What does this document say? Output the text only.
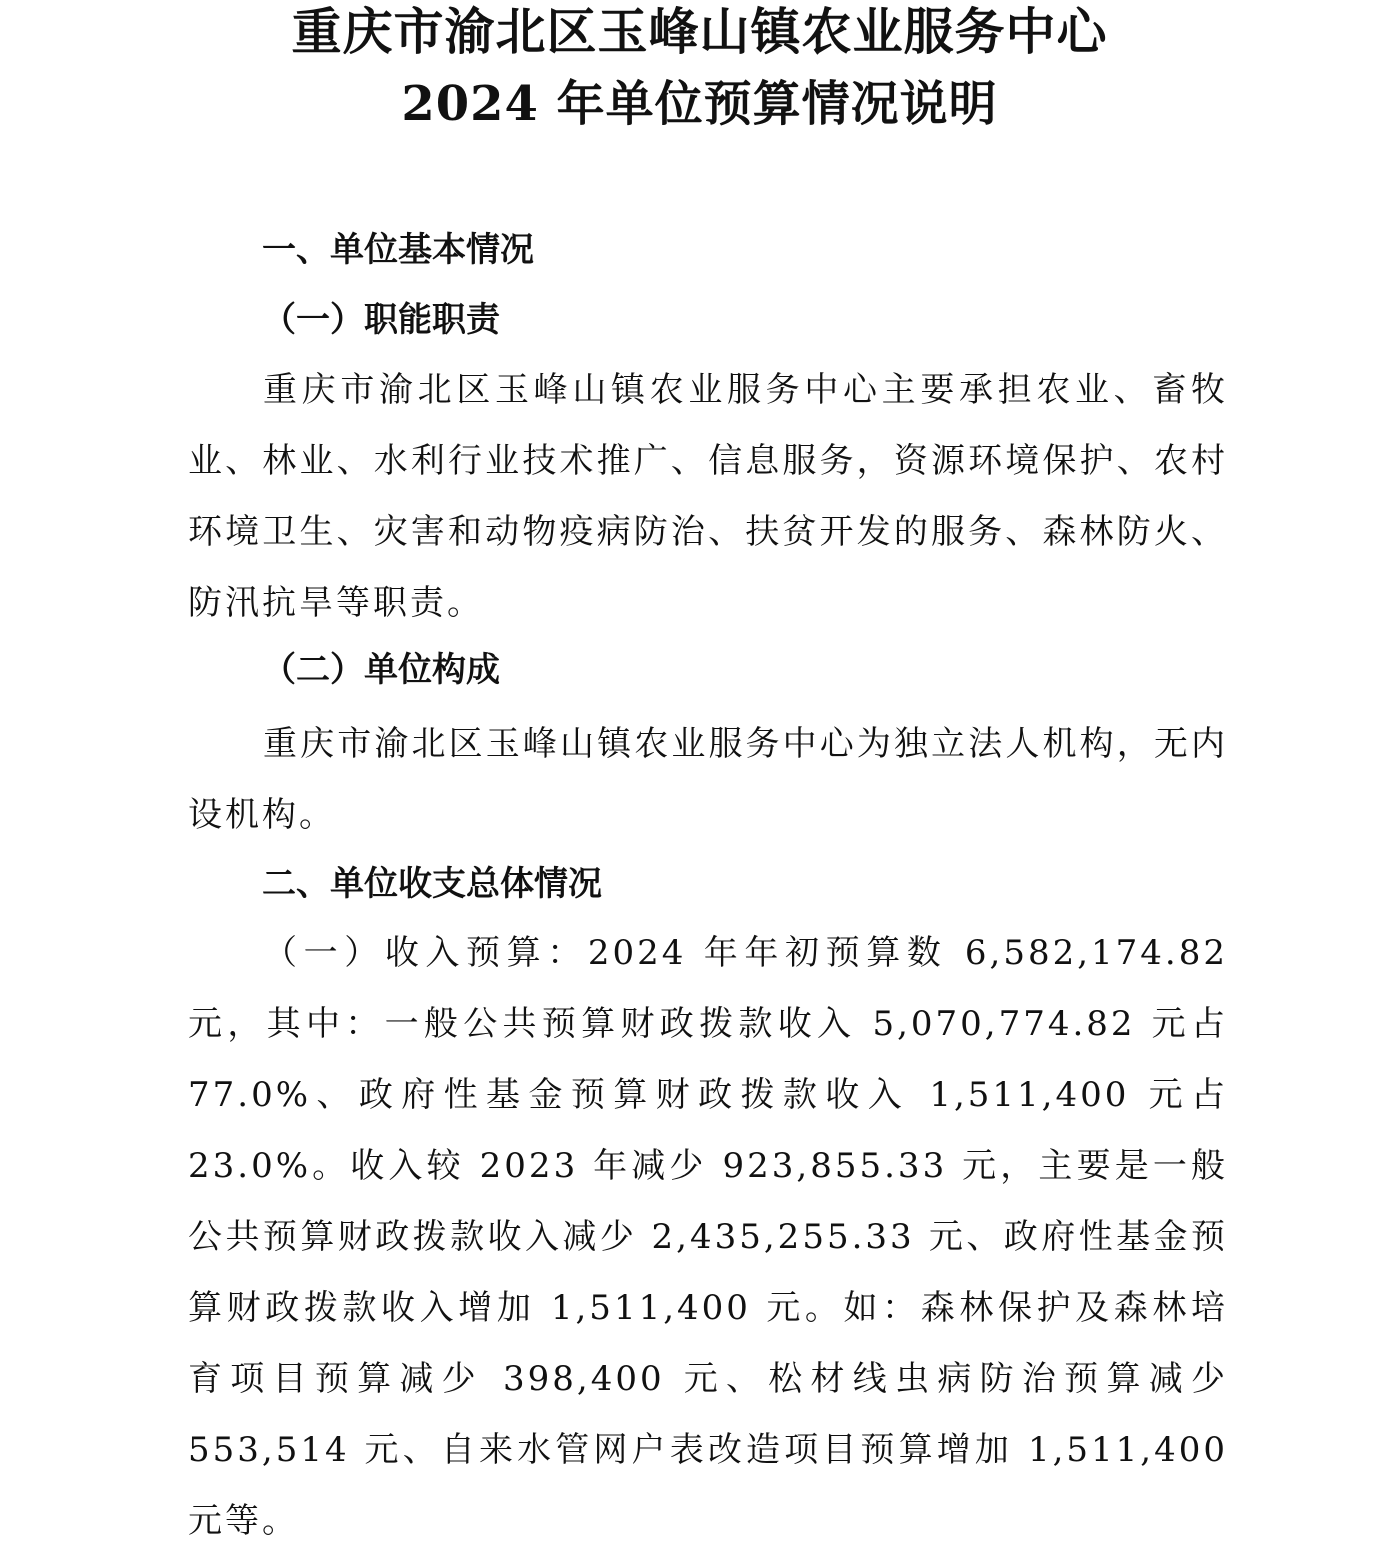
重庆市渝北区玉峰山镇农业服务中心
2024 年单位预算情况说明
一、单位基本情况
（一）职能职责

重庆市渝北区玉峰山镇农业服务中心主要承担农业、畜牧业、林业、水利行业技术推广、信息服务，资源环境保护、农村环境卫生、灾害和动物疫病防治、扶贫开发的服务、森林防火、防汛抗旱等职责。

（二）单位构成

重庆市渝北区玉峰山镇农业服务中心为独立法人机构，无内设机构。

二、单位收支总体情况

（一）收入预算：2024 年年初预算数 6,582,174.82 元，其中：一般公共预算财政拨款收入 5,070,774.82 元占 77.0%、政府性基金预算财政拨款收入 1,511,400 元占 23.0%。收入较 2023 年减少 923,855.33 元，主要是一般公共预算财政拨款收入减少 2,435,255.33 元、政府性基金预算财政拨款收入增加 1,511,400 元。如：森林保护及森林培育项目预算减少 398,400 元、松材线虫病防治预算减少 553,514 元、自来水管网户表改造项目预算增加 1,511,400 元等。
